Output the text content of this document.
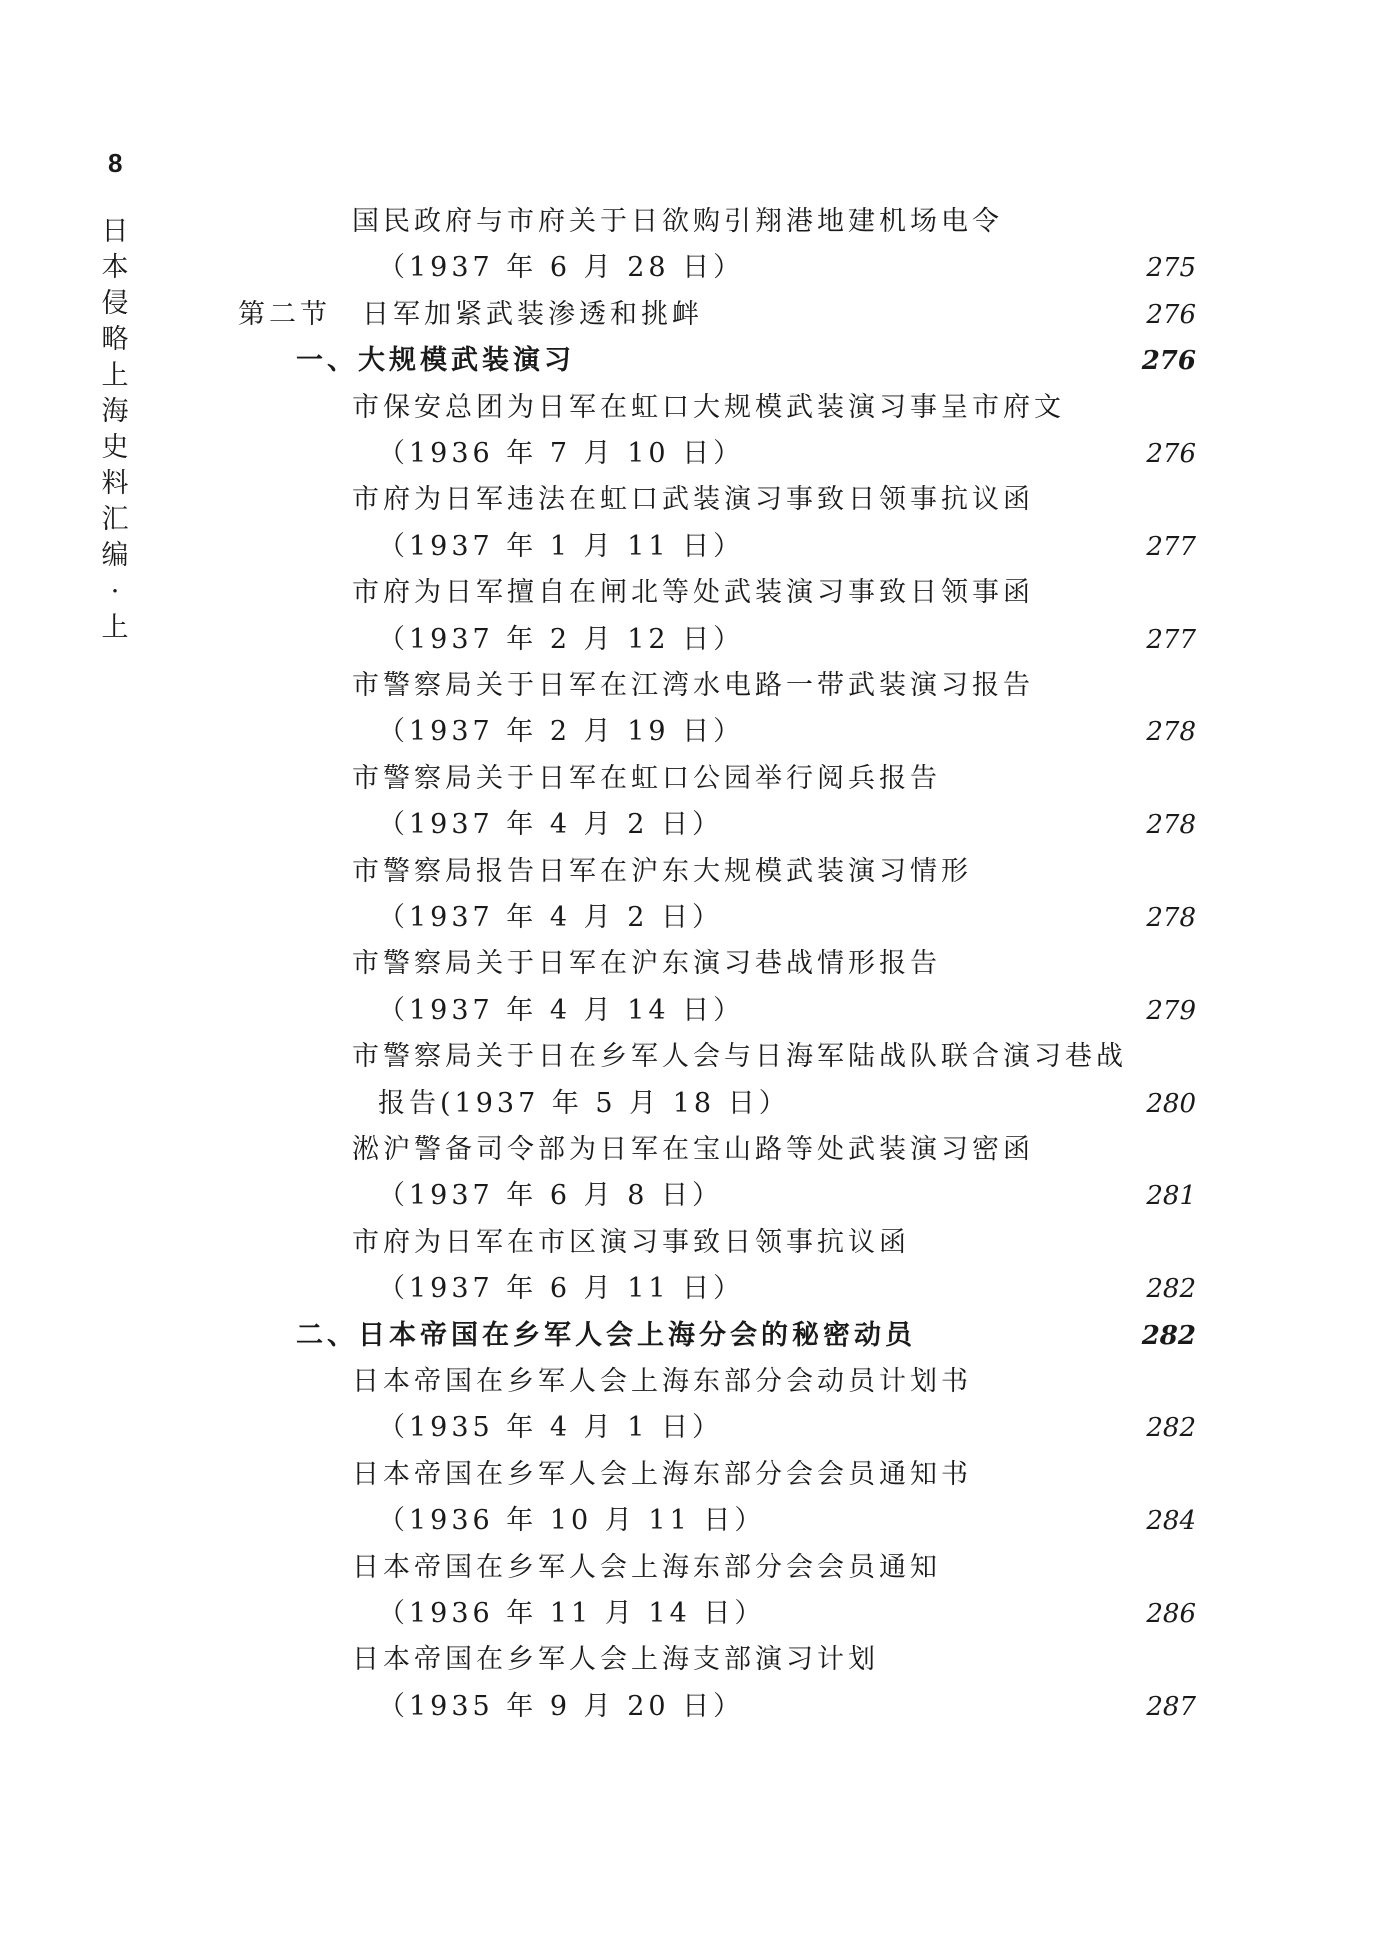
8
日本侵略上海史料汇编·上
国民政府与市府关于日欲购引翔港地建机场电令
（1937 年 6 月 28 日）	275
第二节　日军加紧武装渗透和挑衅	276
一、大规模武装演习	276
市保安总团为日军在虹口大规模武装演习事呈市府文
（1936 年 7 月 10 日）	276
市府为日军违法在虹口武装演习事致日领事抗议函
（1937 年 1 月 11 日）	277
市府为日军擅自在闸北等处武装演习事致日领事函
（1937 年 2 月 12 日）	277
市警察局关于日军在江湾水电路一带武装演习报告
（1937 年 2 月 19 日）	278
市警察局关于日军在虹口公园举行阅兵报告
（1937 年 4 月 2 日）	278
市警察局报告日军在沪东大规模武装演习情形
（1937 年 4 月 2 日）	278
市警察局关于日军在沪东演习巷战情形报告
（1937 年 4 月 14 日）	279
市警察局关于日在乡军人会与日海军陆战队联合演习巷战
报告(1937 年 5 月 18 日）	280
淞沪警备司令部为日军在宝山路等处武装演习密函
（1937 年 6 月 8 日）	281
市府为日军在市区演习事致日领事抗议函
（1937 年 6 月 11 日）	282
二、日本帝国在乡军人会上海分会的秘密动员	282
日本帝国在乡军人会上海东部分会动员计划书
（1935 年 4 月 1 日）	282
日本帝国在乡军人会上海东部分会会员通知书
（1936 年 10 月 11 日）	284
日本帝国在乡军人会上海东部分会会员通知
（1936 年 11 月 14 日）	286
日本帝国在乡军人会上海支部演习计划
（1935 年 9 月 20 日）	287
